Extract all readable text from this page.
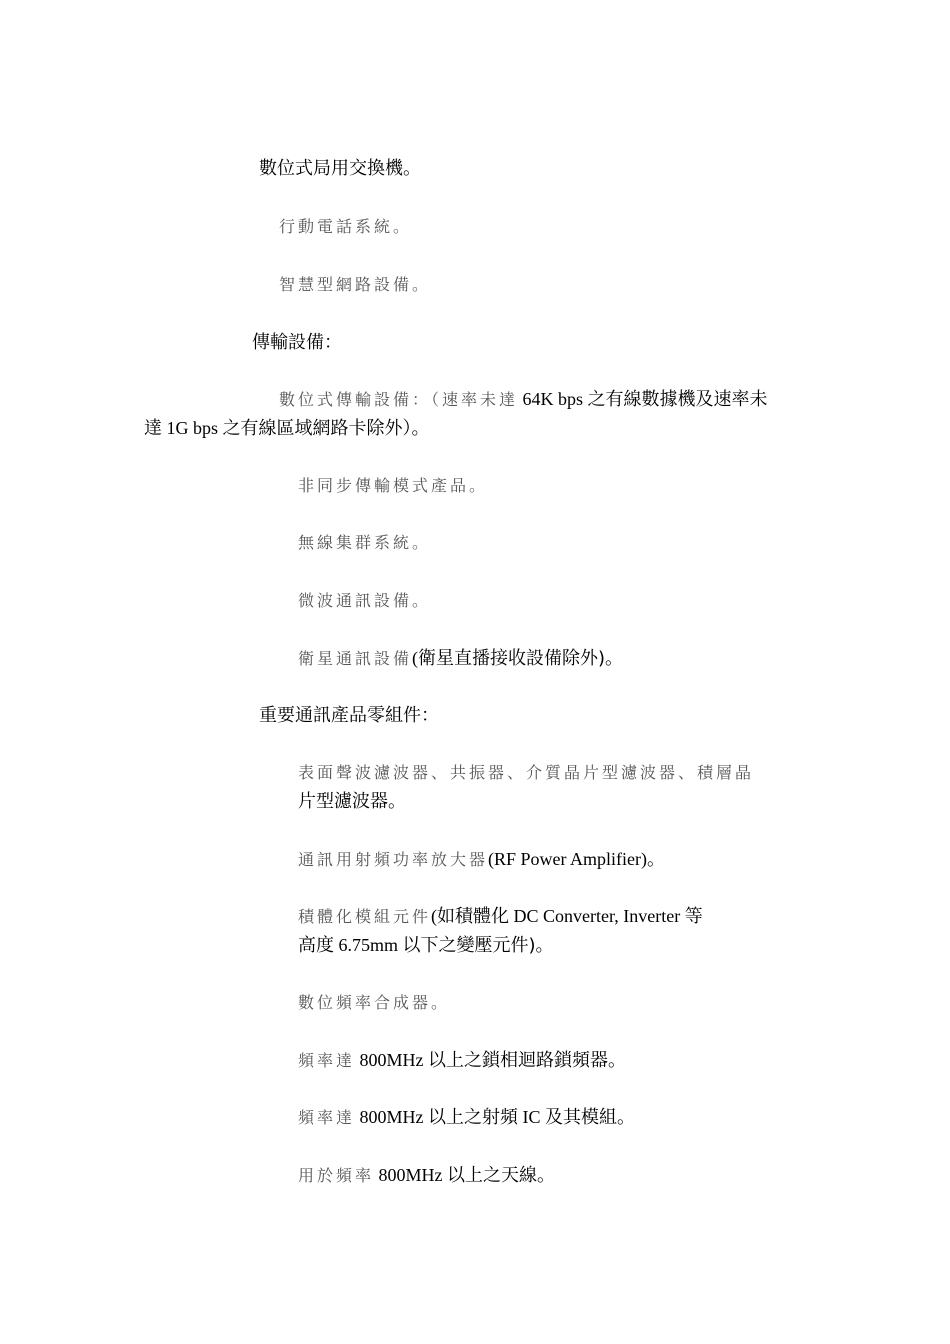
數位式局用交換機。
行動電話系統。
智慧型網路設備。
傳輸設備：
數位式傳輸設備：（速率未達 64K bps 之有線數據機及速率未
達 1G bps 之有線區域網路卡除外）。
非同步傳輸模式產品。
無線集群系統。
微波通訊設備。
衛星通訊設備(衛星直播接收設備除外)。
重要通訊產品零組件：
表面聲波濾波器、共振器、介質晶片型濾波器、積層晶
片型濾波器。
通訊用射頻功率放大器(RF Power Amplifier)。
積體化模組元件(如積體化 DC Converter, Inverter 等
高度 6.75mm 以下之變壓元件)。
數位頻率合成器。
頻率達 800MHz 以上之鎖相迴路鎖頻器。
頻率達 800MHz 以上之射頻 IC 及其模組。
用於頻率 800MHz 以上之天線。
